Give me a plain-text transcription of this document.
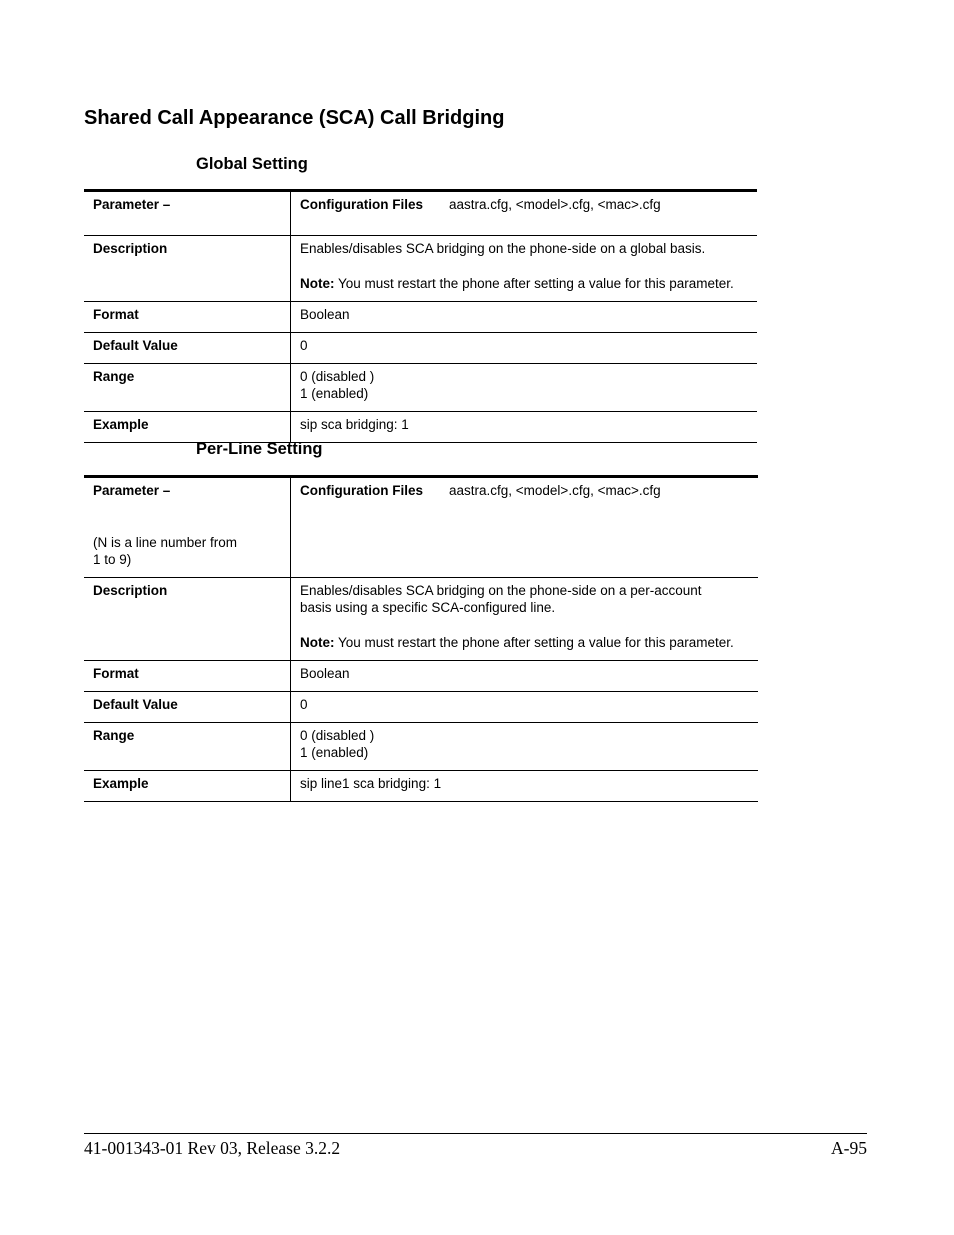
Shared Call Appearance (SCA) Call Bridging
Global Setting
Parameter –	Configuration Files aastra.cfg, <model>.cfg, <mac>.cfg
Description	Enables/disables SCA bridging on the phone-side on a global basis.
Note: You must restart the phone after setting a value for this parameter.

Format	Boolean
Default Value	0
Range	0 (disabled )
1 (enabled)

Example	sip sca bridging: 1
Per-Line Setting
Parameter –
(N is a line number from
1 to 9)	Configuration Files aastra.cfg, <model>.cfg, <mac>.cfg
Description	Enables/disables SCA bridging on the phone-side on a per-account
basis using a specific SCA-configured line.
Note: You must restart the phone after setting a value for this parameter.

Format	Boolean
Default Value	0
Range	0 (disabled )
1 (enabled)

Example	sip line1 sca bridging: 1
41-001343-01 Rev 03, Release 3.2.2	A-95
